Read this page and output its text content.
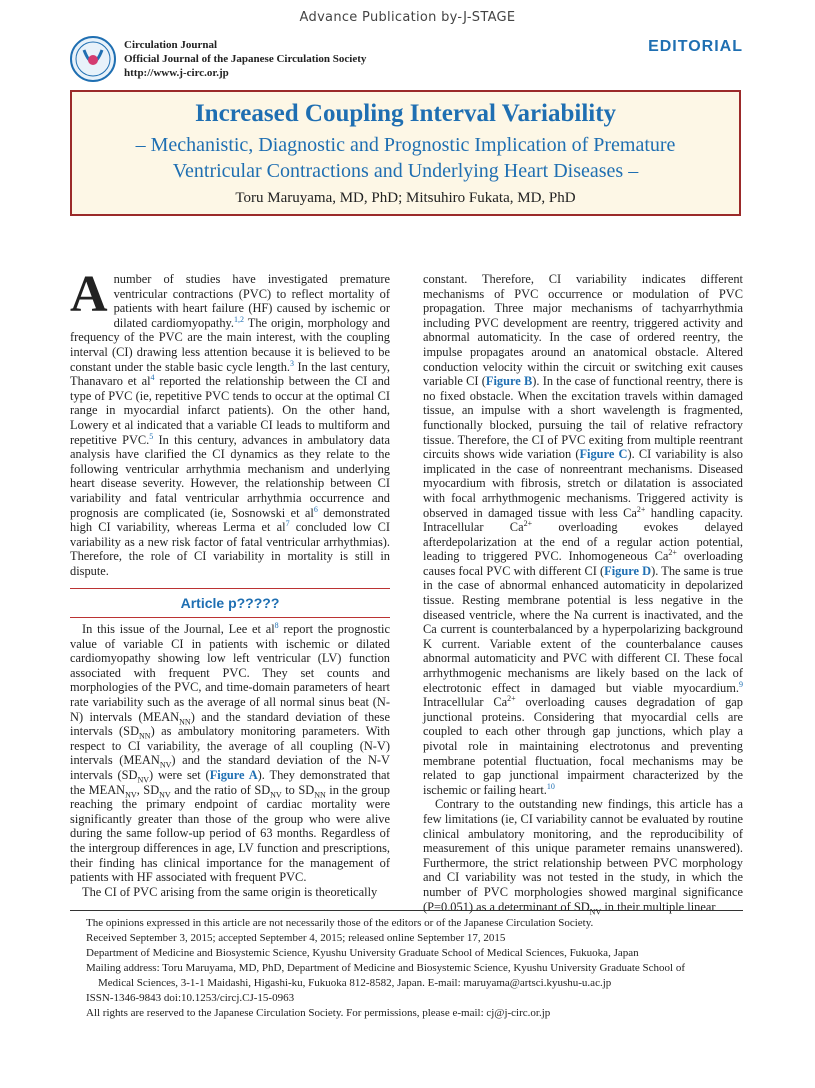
Advance Publication by-J-STAGE
Circulation Journal
Official Journal of the Japanese Circulation Society
http://www.j-circ.or.jp
EDITORIAL
Increased Coupling Interval Variability
– Mechanistic, Diagnostic and Prognostic Implication of Premature Ventricular Contractions and Underlying Heart Diseases –
Toru Maruyama, MD, PhD; Mitsuhiro Fukata, MD, PhD

A number of studies have investigated premature ventricular contractions (PVC) to reflect mortality of patients with heart failure (HF) caused by ischemic or dilated cardiomyopathy.$^{1,2}$ The origin, morphology and frequency of the PVC are the main interest, with the coupling interval (CI) drawing less attention because it is believed to be constant under the stable basic cycle length.$^3$ In the last century, Thanavaro et al$^4$ reported the relationship between the CI and type of PVC (ie, repetitive PVC tends to occur at the optimal CI range in myocardial infarct patients). On the other hand, Lowery et al indicated that a variable CI leads to multiform and repetitive PVC.$^5$ In this century, advances in ambulatory data analysis have clarified the CI dynamics as they relate to the following ventricular arrhythmia mechanism and underlying heart disease severity. However, the relationship between CI variability and fatal ventricular arrhythmia occurrence and prognosis are complicated (ie, Sosnowski et al$^6$ demonstrated high CI variability, whereas Lerma et al$^7$ concluded low CI variability as a new risk factor of fatal ventricular arrhythmias). Therefore, the role of CI variability in mortality is still in dispute.

Article p?????

In this issue of the Journal, Lee et al$^8$ report the prognostic value of variable CI in patients with ischemic or dilated cardiomyopathy showing low left ventricular (LV) function associated with frequent PVC. They set counts and morphologies of the PVC, and time-domain parameters of heart rate variability such as the average of all normal sinus beat (N-N) intervals $(MEAN_{NN})$ and the standard deviation of these intervals $(SD_{NN})$ as ambulatory monitoring parameters. With respect to CI variability, the average of all coupling (N-V) intervals $(MEAN_{NV})$ and the standard deviation of the N-V intervals $(SD_{NV})$ were set (Figure A). They demonstrated that the $MEAN_{NV}$, $SD_{NV}$ and the ratio of $SD_{NV}$ to $SD_{NN}$ in the group reaching the primary endpoint of cardiac mortality were significantly greater than those of the group who were alive during the same follow-up period of 63 months. Regardless of the intergroup differences in age, LV function and prescriptions, their finding has clinical importance for the management of patients with HF associated with frequent PVC.

The CI of PVC arising from the same origin is theoretically

constant. Therefore, CI variability indicates different mechanisms of PVC occurrence or modulation of PVC propagation. Three major mechanisms of tachyarrhythmia including PVC development are reentry, triggered activity and abnormal automaticity. In the case of ordered reentry, the impulse propagates around an anatomical obstacle. Altered conduction velocity within the circuit or switching exit causes variable CI (Figure B). In the case of functional reentry, there is no fixed obstacle. When the excitation travels within damaged tissue, an impulse with a short wavelength is fragmented, functionally blocked, pursuing the tail of relative refractory tissue. Therefore, the CI of PVC exiting from multiple reentrant circuits shows wide variation (Figure C). CI variability is also implicated in the case of nonreentrant mechanisms. Diseased myocardium with fibrosis, stretch or dilatation is associated with focal arrhythmogenic mechanisms. Triggered activity is observed in damaged tissue with less $Ca^{2+}$ handling capacity. Intracellular $Ca^{2+}$ overloading evokes delayed afterdepolarization at the end of a regular action potential, leading to triggered PVC. Inhomogeneous $Ca^{2+}$ overloading causes focal PVC with different CI (Figure D). The same is true in the case of abnormal enhanced automaticity in depolarized tissue. Resting membrane potential is less negative in the diseased ventricle, where the Na current is inactivated, and the Ca current is counterbalanced by a hyperpolarizing background K current. Variable extent of the counterbalance causes abnormal automaticity and PVC with different CI. These focal arrhythmogenic mechanisms are likely based on the lack of electrotonic effect in damaged but viable myocardium.$^9$ Intracellular $Ca^{2+}$ overloading causes degradation of gap junctional proteins. Considering that myocardial cells are coupled to each other through gap junctions, which play a pivotal role in maintaining electrotonus and preventing membrane potential fluctuation, focal mechanisms may be related to gap junctional impairment characterized by the ischemic or failing heart.$^{10}$

Contrary to the outstanding new findings, this article has a few limitations (ie, CI variability cannot be evaluated by routine clinical ambulatory monitoring, and the reproducibility of measurement of this unique parameter remains unanswered). Furthermore, the strict relationship between PVC morphology and CI variability was not tested in the study, in which the number of PVC morphologies showed marginal significance (P=0.051) as a determinant of $SD_{NV}$ in their multiple linear

The opinions expressed in this article are not necessarily those of the editors or of the Japanese Circulation Society.
Received September 3, 2015; accepted September 4, 2015; released online September 17, 2015
Department of Medicine and Biosystemic Science, Kyushu University Graduate School of Medical Sciences, Fukuoka, Japan
Mailing address: Toru Maruyama, MD, PhD, Department of Medicine and Biosystemic Science, Kyushu University Graduate School of
Medical Sciences, 3-1-1 Maidashi, Higashi-ku, Fukuoka 812-8582, Japan. E-mail: maruyama@artsci.kyushu-u.ac.jp
ISSN-1346-9843 doi:10.1253/circj.CJ-15-0963
All rights are reserved to the Japanese Circulation Society. For permissions, please e-mail: cj@j-circ.or.jp
